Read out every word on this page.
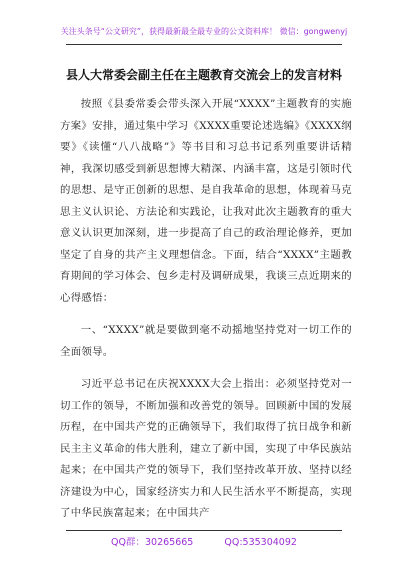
关注头条号“公文研究”，获得最新最全最专业的公文资料库！ 微信：gongwenyj
县人大常委会副主任在主题教育交流会上的发言材料

按照《县委常委会带头深入开展“XXXX”主题教育的实施方案》安排，通过集中学习《XXXX重要论述选编》《XXXX纲要》《读懂“八八战略”》等书目和习总书记系列重要讲话精神，我深切感受到新思想博大精深、内涵丰富，这是引领时代的思想、是守正创新的思想、是自我革命的思想，体现着马克思主义认识论、方法论和实践论，让我对此次主题教育的重大意义认识更加深刻，进一步提高了自己的政治理论修养，更加坚定了自身的共产主义理想信念。下面，结合“XXXX”主题教育期间的学习体会、包乡走村及调研成果，我谈三点近期来的心得感悟：

一、“XXXX”就是要做到毫不动摇地坚持党对一切工作的全面领导。

习近平总书记在庆祝XXXX大会上指出：必须坚持党对一切工作的领导，不断加强和改善党的领导。回顾新中国的发展历程，在中国共产党的正确领导下，我们取得了抗日战争和新民主主义革命的伟大胜利，建立了新中国，实现了中华民族站起来；在中国共产党的领导下，我们坚持改革开放、坚持以经济建设为中心，国家经济实力和人民生活水平不断提高，实现了中华民族富起来；在中国共产

QQ群：30265665	QQ:535304092
